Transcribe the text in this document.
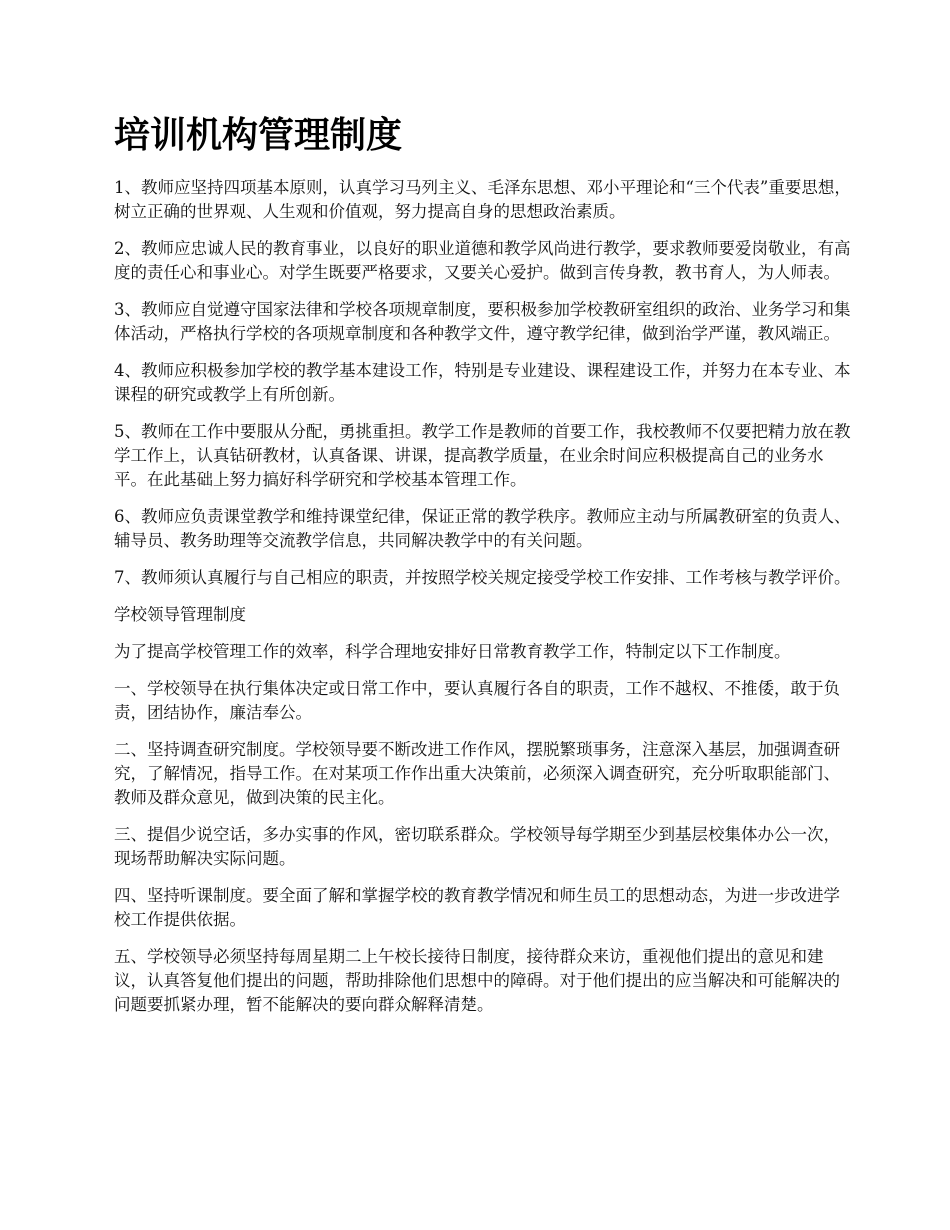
培训机构管理制度

1、教师应坚持四项基本原则，认真学习马列主义、毛泽东思想、邓小平理论和“三个代表”重要思想，树立正确的世界观、人生观和价值观，努力提高自身的思想政治素质。

2、教师应忠诚人民的教育事业，以良好的职业道德和教学风尚进行教学，要求教师要爱岗敬业，有高度的责任心和事业心。对学生既要严格要求，又要关心爱护。做到言传身教，教书育人，为人师表。

3、教师应自觉遵守国家法律和学校各项规章制度，要积极参加学校教研室组织的政治、业务学习和集体活动，严格执行学校的各项规章制度和各种教学文件，遵守教学纪律，做到治学严谨，教风端正。

4、教师应积极参加学校的教学基本建设工作，特别是专业建设、课程建设工作，并努力在本专业、本课程的研究或教学上有所创新。

5、教师在工作中要服从分配，勇挑重担。教学工作是教师的首要工作，我校教师不仅要把精力放在教学工作上，认真钻研教材，认真备课、讲课，提高教学质量，在业余时间应积极提高自己的业务水平。在此基础上努力搞好科学研究和学校基本管理工作。

6、教师应负责课堂教学和维持课堂纪律，保证正常的教学秩序。教师应主动与所属教研室的负责人、辅导员、教务助理等交流教学信息，共同解决教学中的有关问题。

7、教师须认真履行与自己相应的职责，并按照学校关规定接受学校工作安排、工作考核与教学评价。

学校领导管理制度

为了提高学校管理工作的效率，科学合理地安排好日常教育教学工作，特制定以下工作制度。

一、学校领导在执行集体决定或日常工作中，要认真履行各自的职责，工作不越权、不推倭，敢于负责，团结协作，廉洁奉公。

二、坚持调查研究制度。学校领导要不断改进工作作风，摆脱繁琐事务，注意深入基层，加强调查研究，了解情况，指导工作。在对某项工作作出重大决策前，必须深入调查研究，充分听取职能部门、教师及群众意见，做到决策的民主化。

三、提倡少说空话，多办实事的作风，密切联系群众。学校领导每学期至少到基层校集体办公一次，现场帮助解决实际问题。

四、坚持听课制度。要全面了解和掌握学校的教育教学情况和师生员工的思想动态，为进一步改进学校工作提供依据。

五、学校领导必须坚持每周星期二上午校长接待日制度，接待群众来访，重视他们提出的意见和建议，认真答复他们提出的问题，帮助排除他们思想中的障碍。对于他们提出的应当解决和可能解决的问题要抓紧办理，暂不能解决的要向群众解释清楚。
